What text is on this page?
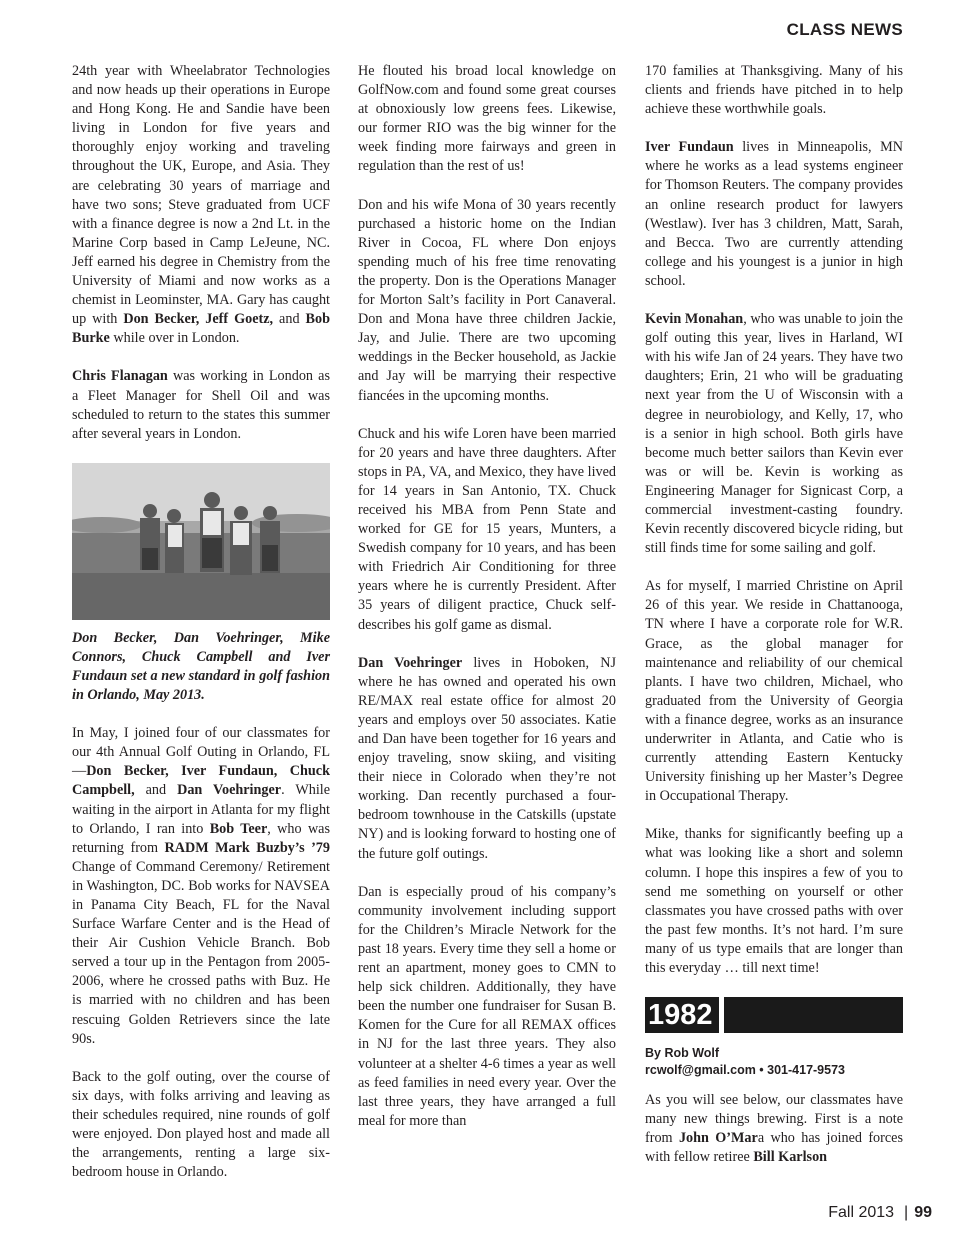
CLASS NEWS

24th year with Wheelabrator Technologies and now heads up their operations in Europe and Hong Kong. He and Sandie have been living in London for five years and thoroughly enjoy working and traveling throughout the UK, Europe, and Asia. They are celebrating 30 years of marriage and have two sons; Steve graduated from UCF with a finance degree is now a 2nd Lt. in the Marine Corp based in Camp LeJeune, NC. Jeff earned his degree in Chemistry from the University of Miami and now works as a chemist in Leominster, MA. Gary has caught up with Don Becker, Jeff Goetz, and Bob Burke while over in London.

Chris Flanagan was working in London as a Fleet Manager for Shell Oil and was scheduled to return to the states this summer after several years in London.

Don Becker, Dan Voehringer, Mike Connors, Chuck Campbell and Iver Fundaun set a new standard in golf fashion in Orlando, May 2013.

In May, I joined four of our classmates for our 4th Annual Golf Outing in Orlando, FL—Don Becker, Iver Fundaun, Chuck Campbell, and Dan Voehringer. While waiting in the airport in Atlanta for my flight to Orlando, I ran into Bob Teer, who was returning from RADM Mark Buzby’s ’79 Change of Command Ceremony/ Retirement in Washington, DC. Bob works for NAVSEA in Panama City Beach, FL for the Naval Surface Warfare Center and is the Head of their Air Cushion Vehicle Branch. Bob served a tour up in the Pentagon from 2005-2006, where he crossed paths with Buz. He is married with no children and has been rescuing Golden Retrievers since the late 90s.

Back to the golf outing, over the course of six days, with folks arriving and leaving as their schedules required, nine rounds of golf were enjoyed. Don played host and made all the arrangements, renting a large six- bedroom house in Orlando.

He flouted his broad local knowledge on GolfNow.com and found some great courses at obnoxiously low greens fees. Likewise, our former RIO was the big winner for the week finding more fairways and green in regulation than the rest of us!

Don and his wife Mona of 30 years recently purchased a historic home on the Indian River in Cocoa, FL where Don enjoys spending much of his free time renovating the property. Don is the Operations Manager for Morton Salt’s facility in Port Canaveral. Don and Mona have three children Jackie, Jay, and Julie. There are two upcoming weddings in the Becker household, as Jackie and Jay will be marrying their respective fiancées in the upcoming months.

Chuck and his wife Loren have been married for 20 years and have three daughters. After stops in PA, VA, and Mexico, they have lived for 14 years in San Antonio, TX. Chuck received his MBA from Penn State and worked for GE for 15 years, Munters, a Swedish company for 10 years, and has been with Friedrich Air Conditioning for three years where he is currently President. After 35 years of diligent practice, Chuck self-describes his golf game as dismal.

Dan Voehringer lives in Hoboken, NJ where he has owned and operated his own RE/MAX real estate office for almost 20 years and employs over 50 associates. Katie and Dan have been together for 16 years and enjoy traveling, snow skiing, and visiting their niece in Colorado when they’re not working. Dan recently purchased a four-bedroom townhouse in the Catskills (upstate NY) and is looking forward to hosting one of the future golf outings.

Dan is especially proud of his company’s community involvement including support for the Children’s Miracle Network for the past 18 years. Every time they sell a home or rent an apartment, money goes to CMN to help sick children. Additionally, they have been the number one fundraiser for Susan B. Komen for the Cure for all REMAX offices in NJ for the last three years. They also volunteer at a shelter 4-6 times a year as well as feed families in need every year. Over the last three years, they have arranged a full meal for more than

170 families at Thanksgiving. Many of his clients and friends have pitched in to help achieve these worthwhile goals.

Iver Fundaun lives in Minneapolis, MN where he works as a lead systems engineer for Thomson Reuters. The company provides an online research product for lawyers (Westlaw). Iver has 3 children, Matt, Sarah, and Becca. Two are currently attending college and his youngest is a junior in high school.

Kevin Monahan, who was unable to join the golf outing this year, lives in Harland, WI with his wife Jan of 24 years. They have two daughters; Erin, 21 who will be graduating next year from the U of Wisconsin with a degree in neurobiology, and Kelly, 17, who is a senior in high school. Both girls have become much better sailors than Kevin ever was or will be. Kevin is working as Engineering Manager for Signicast Corp, a commercial investment-casting foundry. Kevin recently discovered bicycle riding, but still finds time for some sailing and golf.

As for myself, I married Christine on April 26 of this year. We reside in Chattanooga, TN where I have a corporate role for W.R. Grace, as the global manager for maintenance and reliability of our chemical plants. I have two children, Michael, who graduated from the University of Georgia with a finance degree, works as an insurance underwriter in Atlanta, and Catie who is currently attending Eastern Kentucky University finishing up her Master’s Degree in Occupational Therapy.

Mike, thanks for significantly beefing up a what was looking like a short and solemn column. I hope this inspires a few of you to send me something on yourself or other classmates you have crossed paths with over the past few months. It’s not hard. I’m sure many of us type emails that are longer than this everyday … till next time!

1982
By Rob Wolf
rcwolf@gmail.com • 301-417-9573

As you will see below, our classmates have many new things brewing. First is a note from John O’Mara who has joined forces with fellow retiree Bill Karlson

Fall 2013 | 99
